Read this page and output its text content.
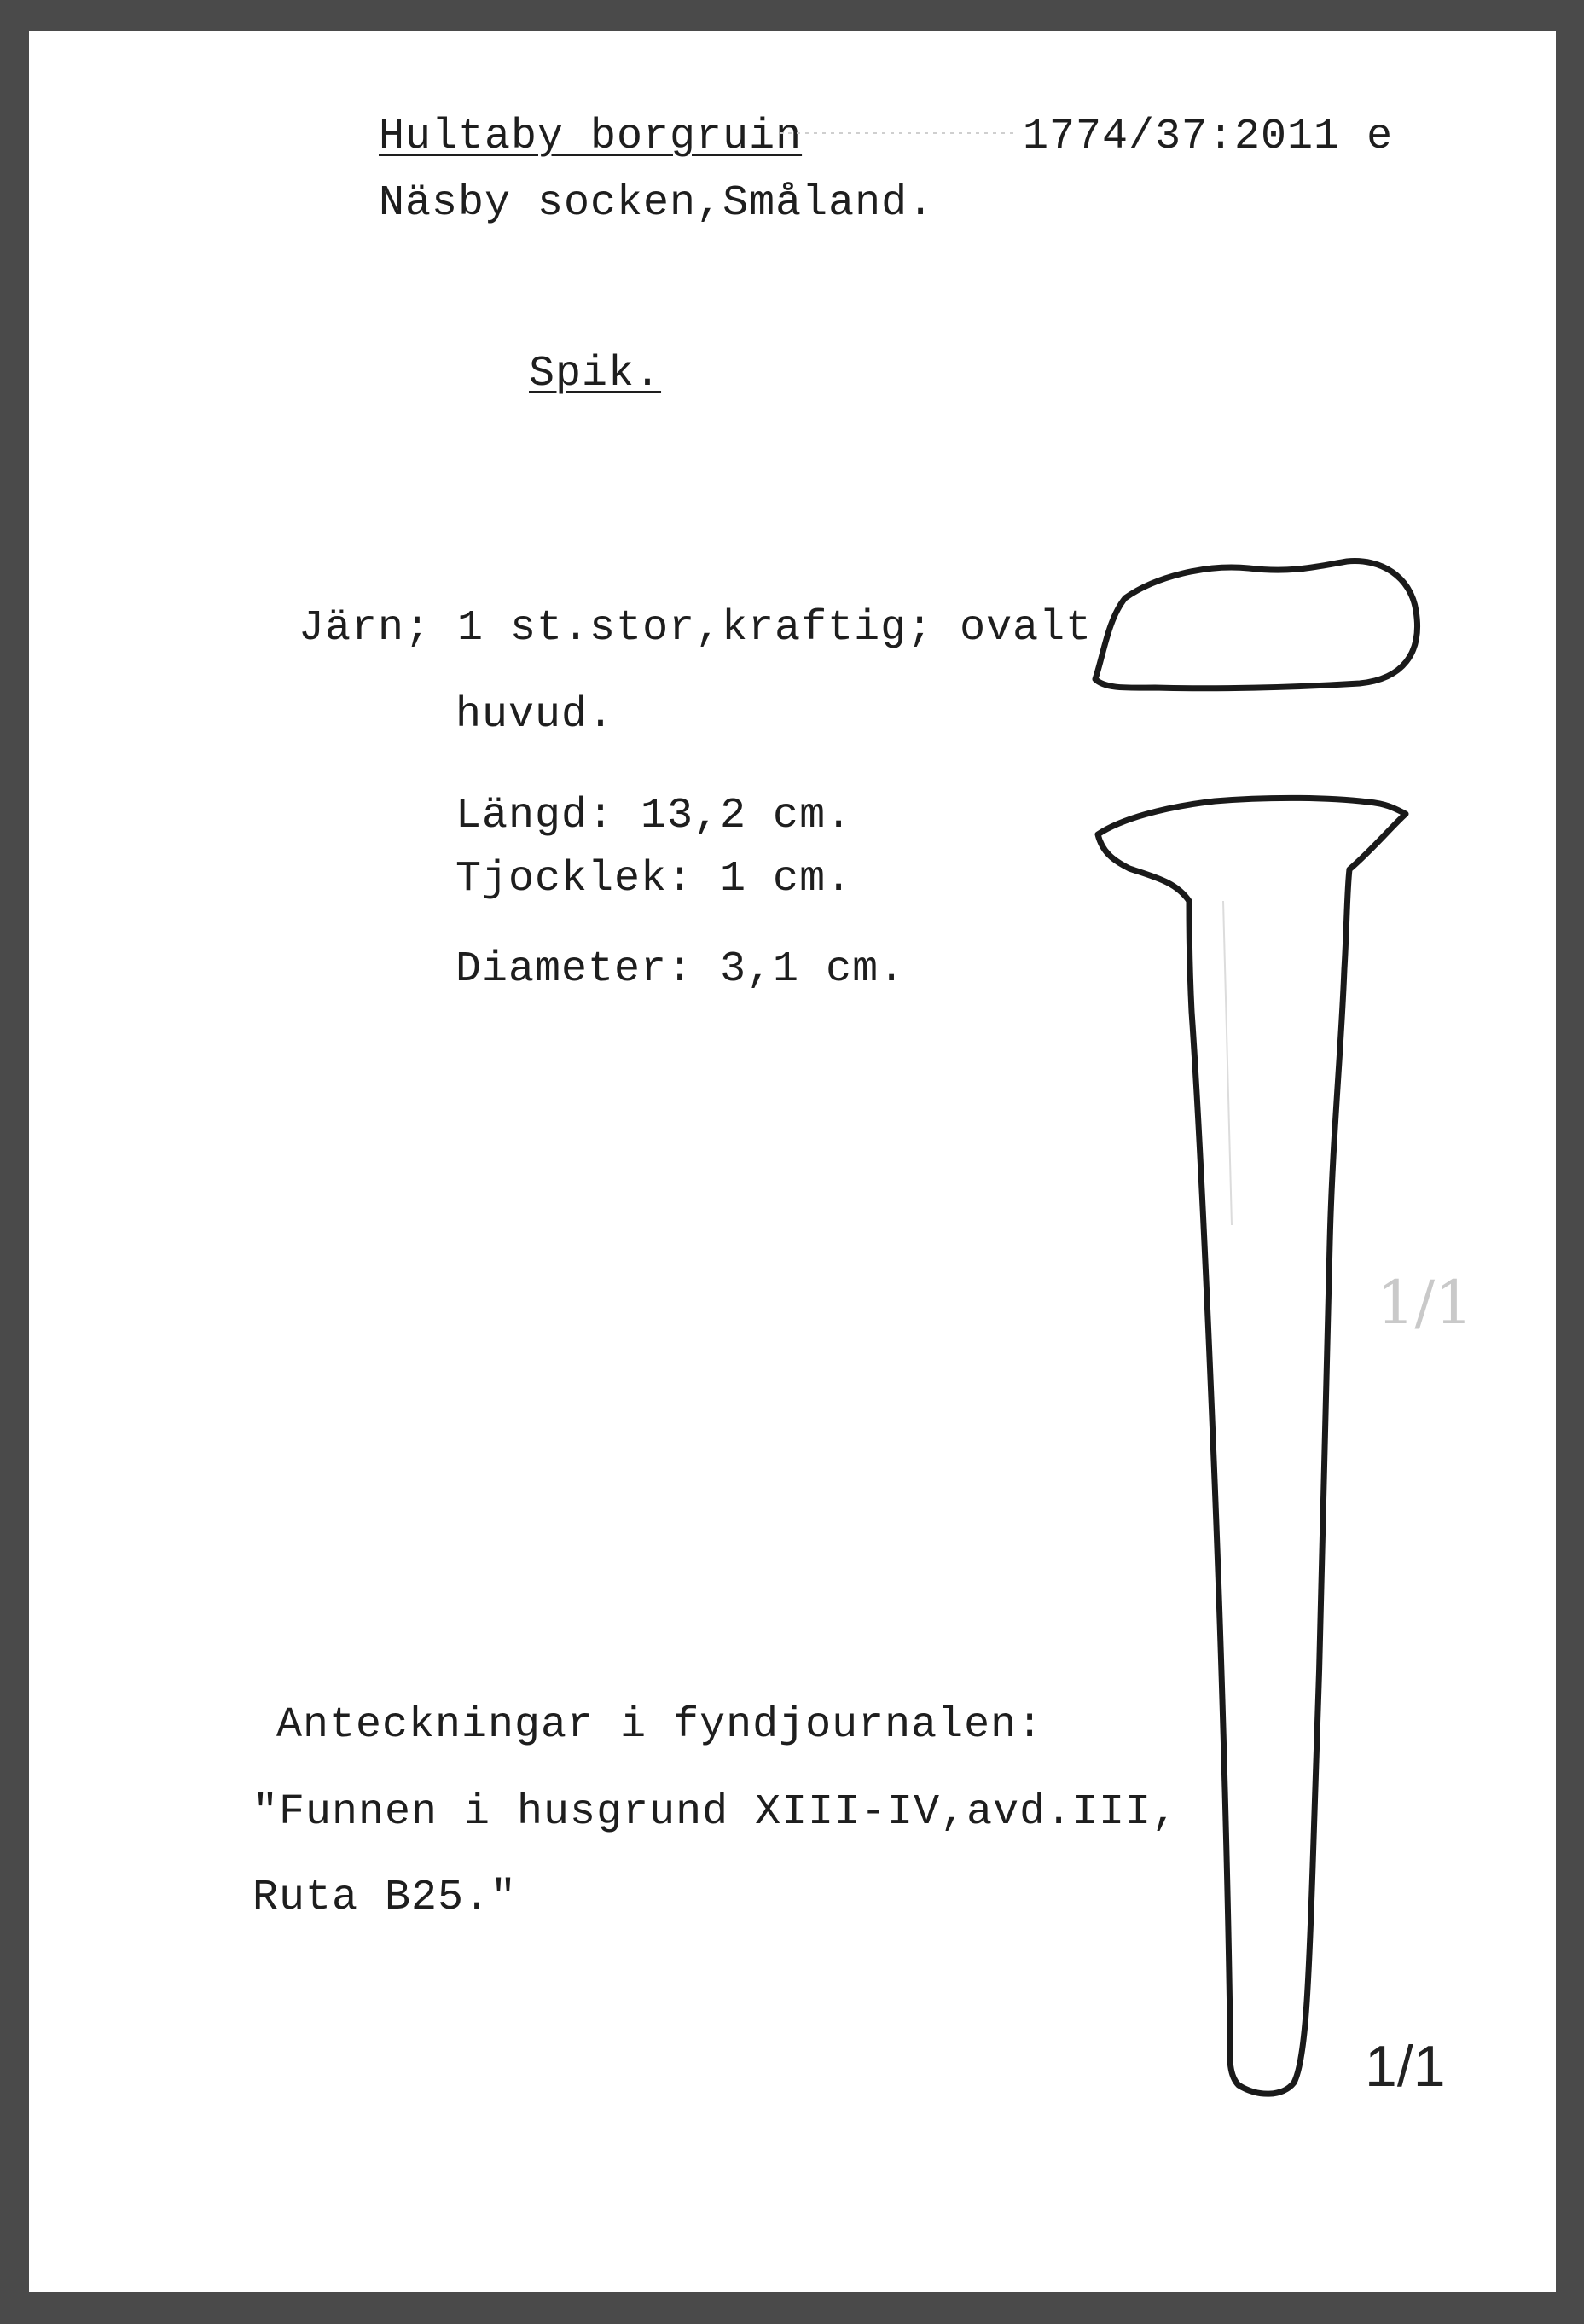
Hultaby borgruin	1774/37:2011 e
Näsby socken,Småland.
Spik.
Järn; 1 st.stor,kraftig; ovalt
huvud.
Längd: 13,2 cm.
Tjocklek: 1 cm.
Diameter: 3,1 cm.
Anteckningar i fyndjournalen:
"Funnen i husgrund XIII-IV,avd.III,
Ruta B25."
1/1
1/1
